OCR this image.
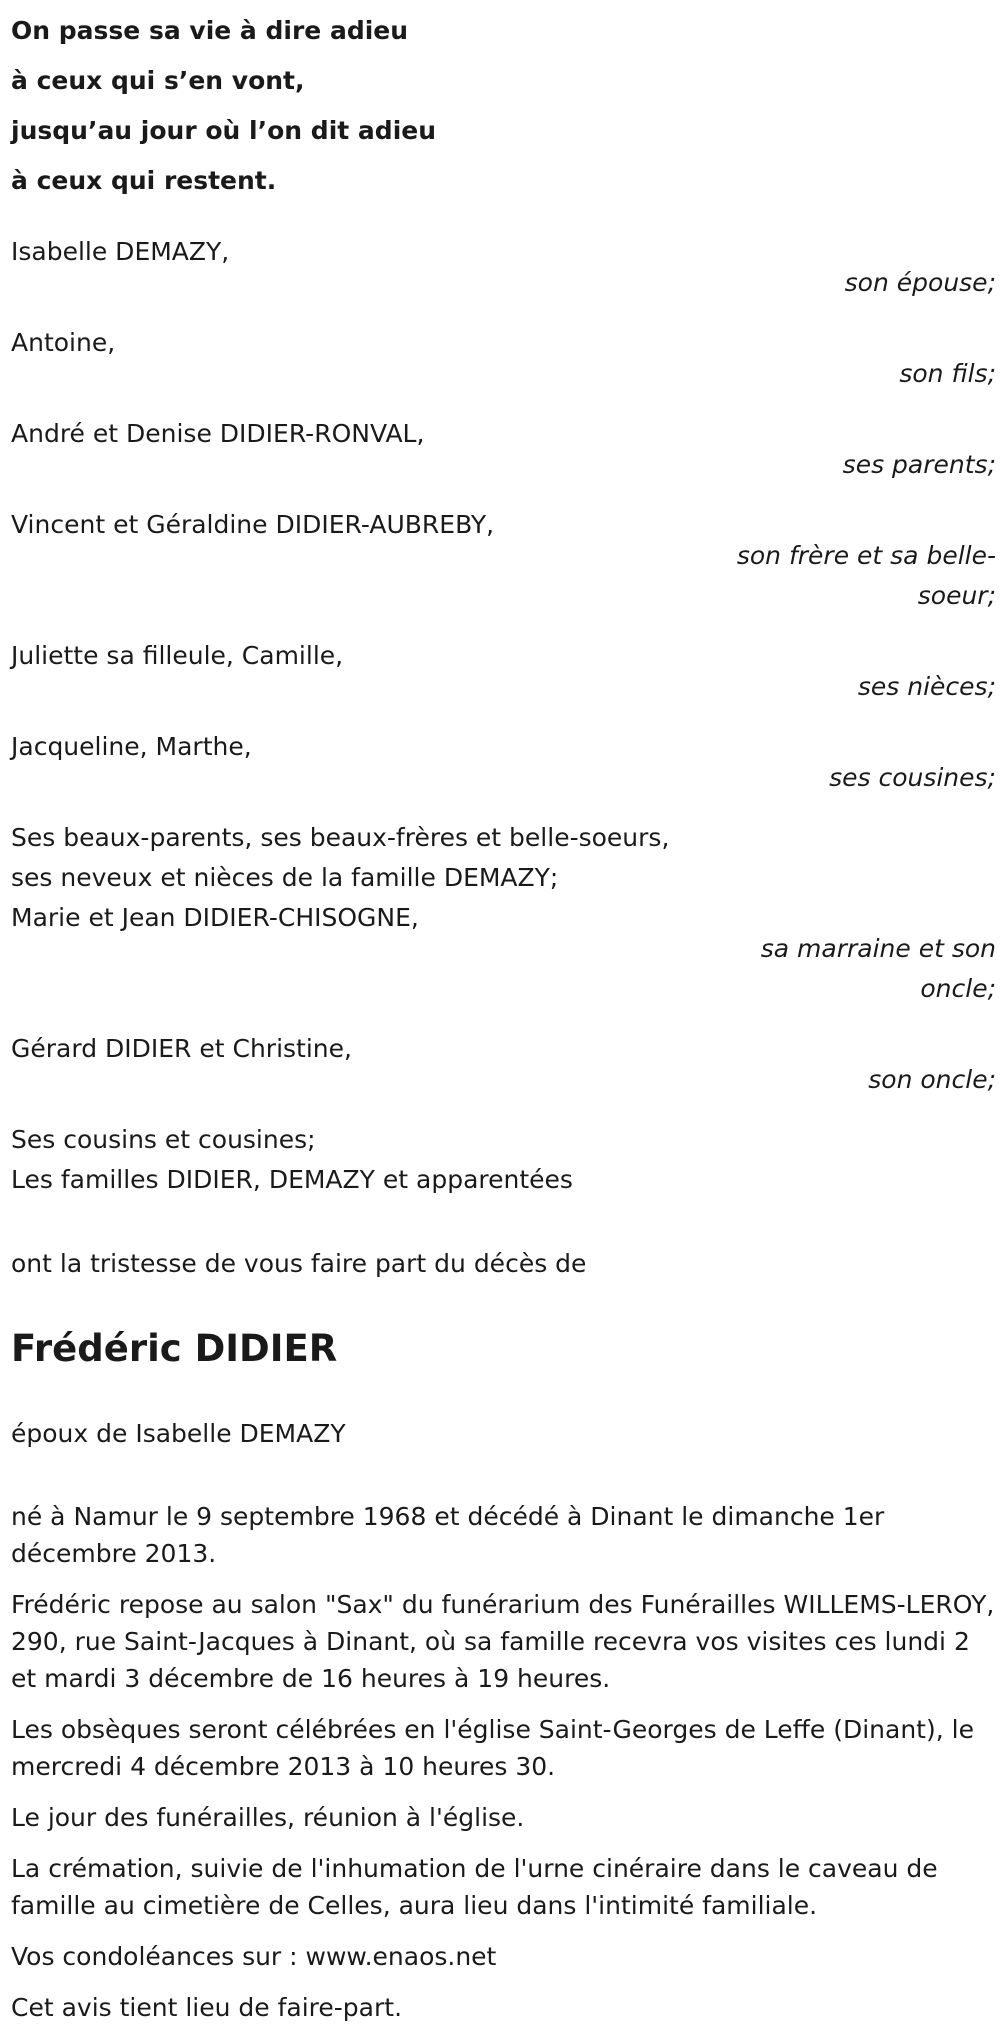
On passe sa vie à dire adieu

à ceux qui s’en vont,

jusqu’au jour où l’on dit adieu

à ceux qui restent.

Isabelle DEMAZY,
son épouse;
Antoine,
son fils;
André et Denise DIDIER-RONVAL,
ses parents;
Vincent et Géraldine DIDIER-AUBREBY,
son frère et sa belle-soeur;
Juliette sa filleule, Camille,
ses nièces;
Jacqueline, Marthe,
ses cousines;
Ses beaux-parents, ses beaux-frères et belle-soeurs,
ses neveux et nièces de la famille DEMAZY;
Marie et Jean DIDIER-CHISOGNE,
sa marraine et son oncle;
Gérard DIDIER et Christine,
son oncle;
Ses cousins et cousines;
Les familles DIDIER, DEMAZY et apparentées
ont la tristesse de vous faire part du décès de
Frédéric DIDIER
époux de Isabelle DEMAZY

né à Namur le 9 septembre 1968 et décédé à Dinant le dimanche 1er décembre 2013.

Frédéric repose au salon "Sax" du funérarium des Funérailles WILLEMS-LEROY, 290, rue Saint-Jacques à Dinant, où sa famille recevra vos visites ces lundi 2 et mardi 3 décembre de 16 heures à 19 heures.

Les obsèques seront célébrées en l'église Saint-Georges de Leffe (Dinant), le mercredi 4 décembre 2013 à 10 heures 30.

Le jour des funérailles, réunion à l'église.

La crémation, suivie de l'inhumation de l'urne cinéraire dans le caveau de famille au cimetière de Celles, aura lieu dans l'intimité familiale.

Vos condoléances sur : www.enaos.net

Cet avis tient lieu de faire-part.
